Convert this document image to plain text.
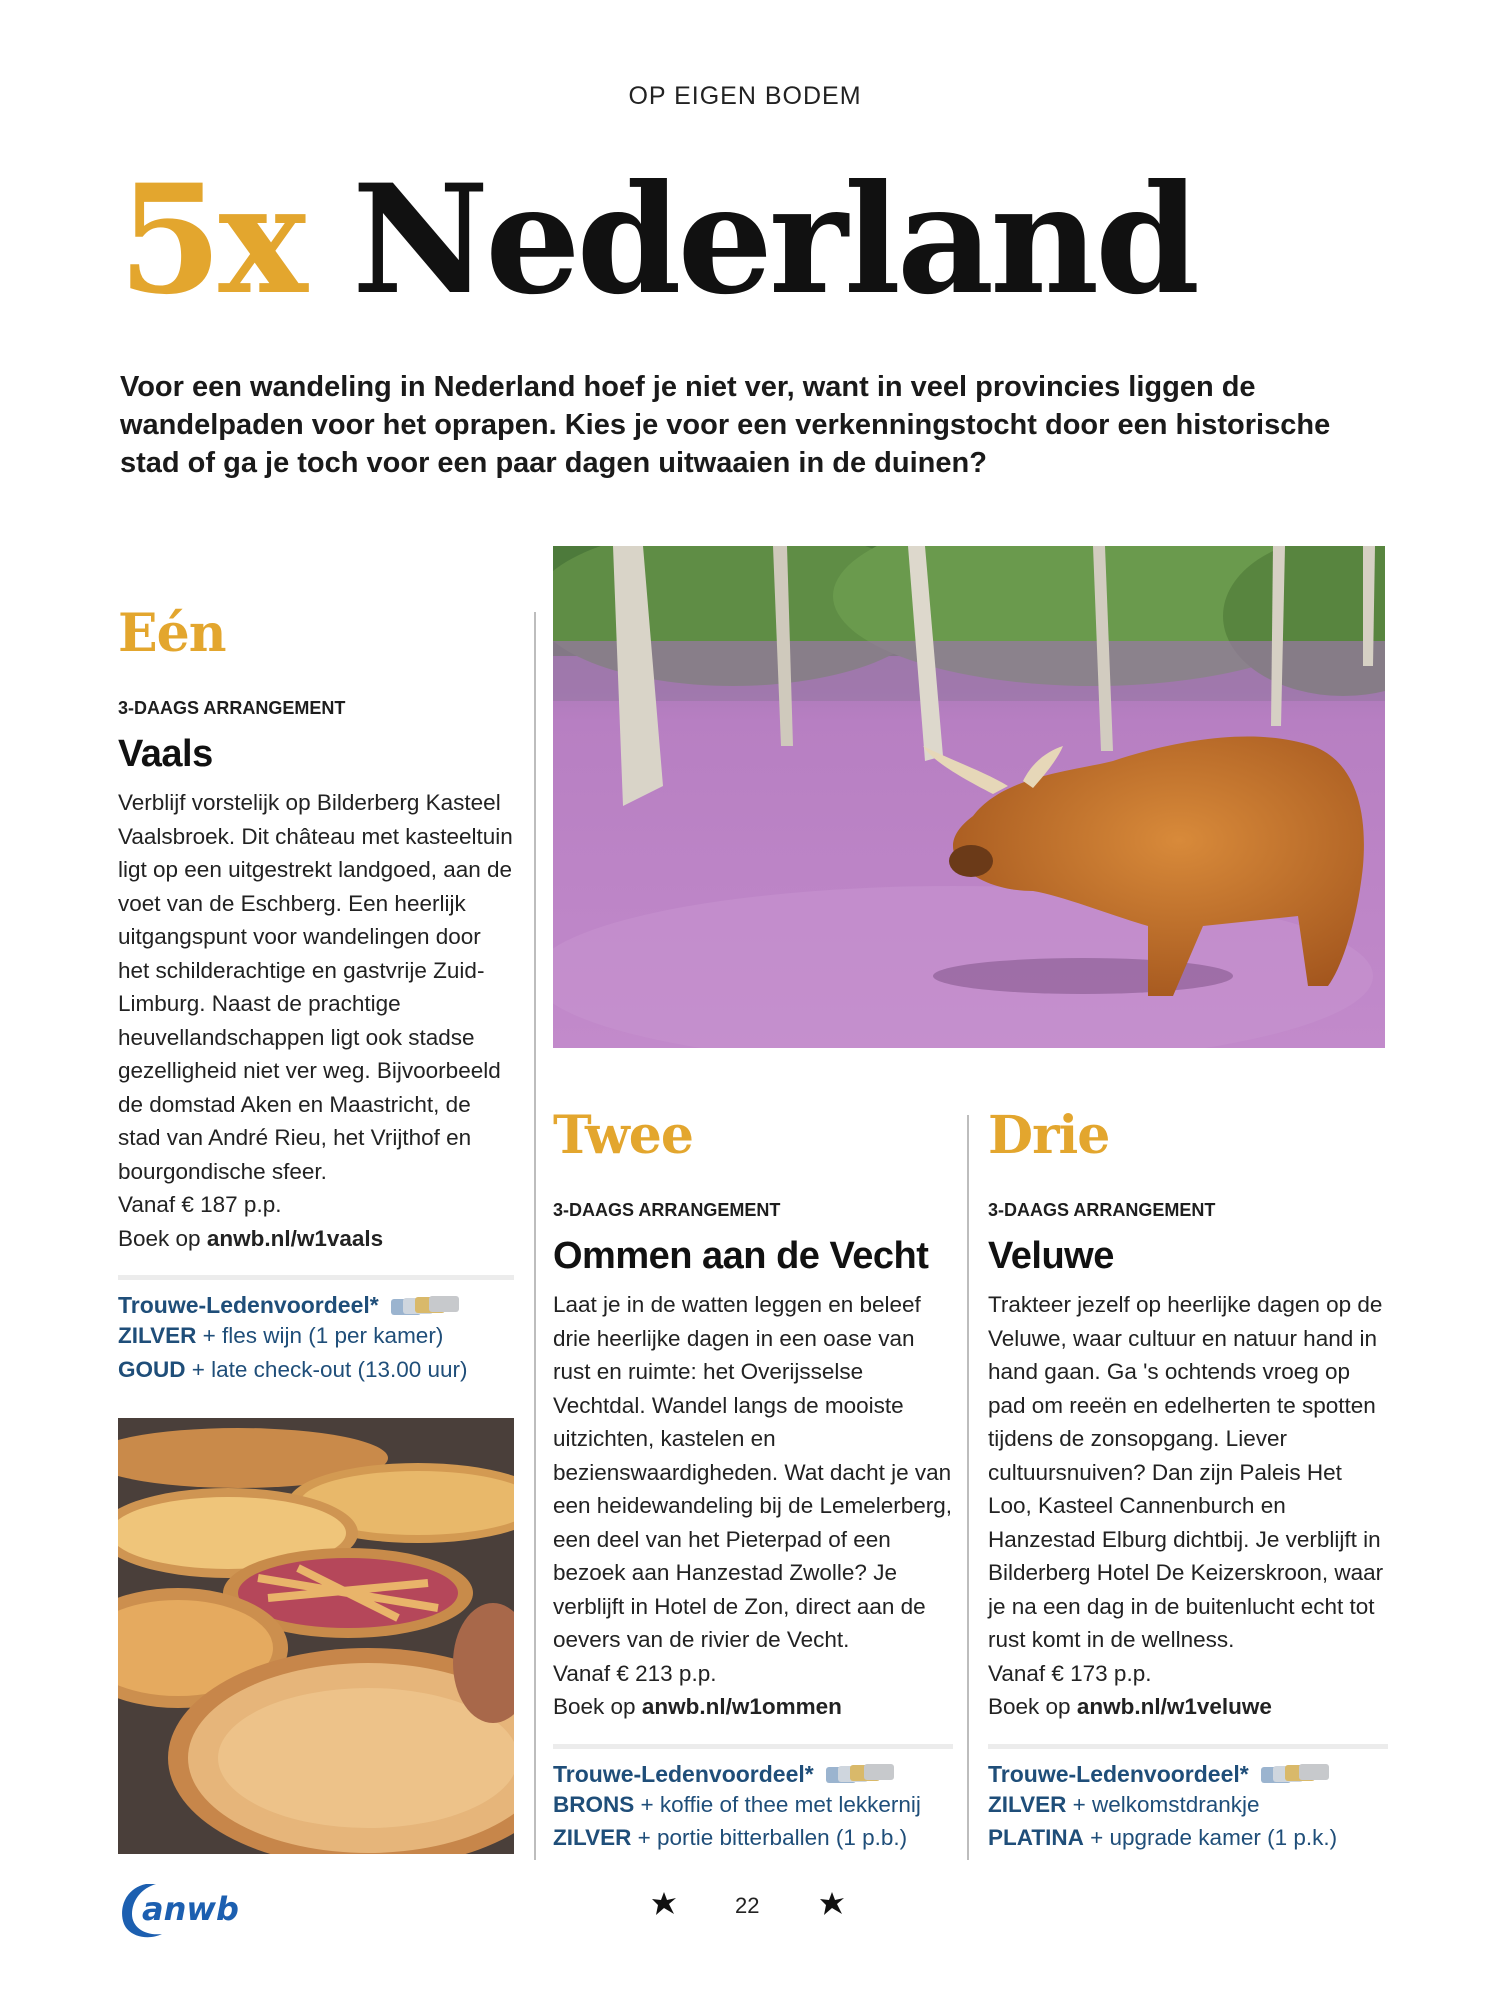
OP EIGEN BODEM
5x Nederland

Voor een wandeling in Nederland hoef je niet ver, want in veel provincies liggen de wandelpaden voor het oprapen. Kies je voor een verkenningstocht door een historische stad of ga je toch voor een paar dagen uitwaaien in de duinen?

Eén
3-DAAGS ARRANGEMENT
Vaals
Verblijf vorstelijk op Bilderberg Kasteel Vaalsbroek. Dit château met kasteeltuin ligt op een uitgestrekt landgoed, aan de voet van de Eschberg. Een heerlijk uitgangspunt voor wandelingen door het schilderachtige en gastvrije Zuid-Limburg. Naast de prachtige heuvellandschappen ligt ook stadse gezelligheid niet ver weg. Bijvoorbeeld de domstad Aken en Maastricht, de stad van André Rieu, het Vrijthof en bourgondische sfeer.
Vanaf € 187 p.p.
Boek op anwb.nl/w1vaals
Trouwe-Ledenvoordeel*
ZILVER + fles wijn (1 per kamer)
GOUD + late check-out (13.00 uur)
Twee
3-DAAGS ARRANGEMENT
Ommen aan de Vecht
Laat je in de watten leggen en beleef drie heerlijke dagen in een oase van rust en ruimte: het Overijsselse Vechtdal. Wandel langs de mooiste uitzichten, kastelen en bezienswaardigheden. Wat dacht je van een heidewandeling bij de Lemelerberg, een deel van het Pieterpad of een bezoek aan Hanzestad Zwolle? Je verblijft in Hotel de Zon, direct aan de oevers van de rivier de Vecht.
Vanaf € 213 p.p.
Boek op anwb.nl/w1ommen
Trouwe-Ledenvoordeel*
BRONS + koffie of thee met lekkernij
ZILVER + portie bitterballen (1 p.b.)
Drie
3-DAAGS ARRANGEMENT
Veluwe
Trakteer jezelf op heerlijke dagen op de Veluwe, waar cultuur en natuur hand in hand gaan. Ga 's ochtends vroeg op pad om reeën en edelherten te spotten tijdens de zonsopgang. Liever cultuursnuiven? Dan zijn Paleis Het Loo, Kasteel Cannenburch en Hanzestad Elburg dichtbij. Je verblijft in Bilderberg Hotel De Keizerskroon, waar je na een dag in de buitenlucht echt tot rust komt in de wellness.
Vanaf € 173 p.p.
Boek op anwb.nl/w1veluwe
Trouwe-Ledenvoordeel*
ZILVER + welkomstdrankje
PLATINA + upgrade kamer (1 p.k.)
anwb	22
